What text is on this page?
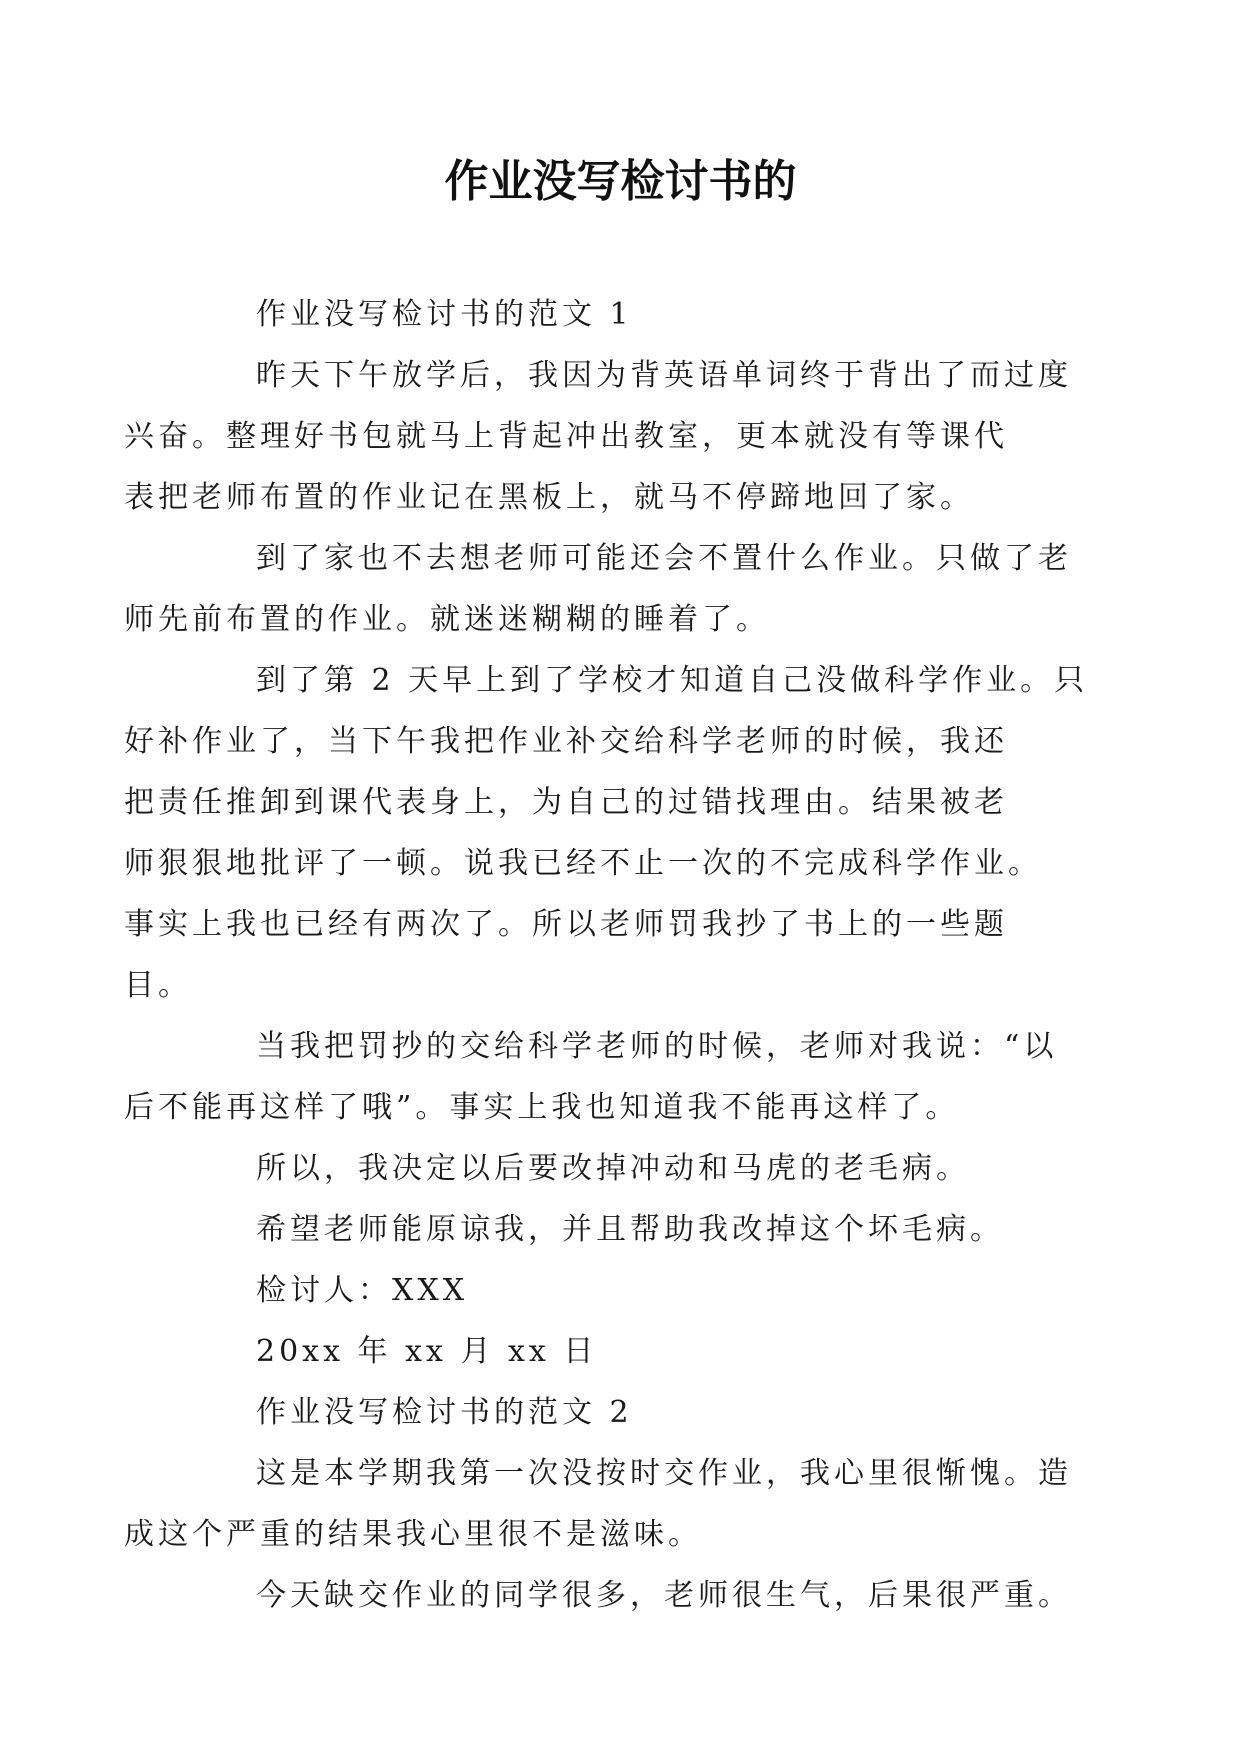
作业没写检讨书的

作业没写检讨书的范文 1

昨天下午放学后，我因为背英语单词终于背出了而过度
兴奋。整理好书包就马上背起冲出教室，更本就没有等课代
表把老师布置的作业记在黑板上，就马不停蹄地回了家。

到了家也不去想老师可能还会不置什么作业。只做了老
师先前布置的作业。就迷迷糊糊的睡着了。

到了第 2 天早上到了学校才知道自己没做科学作业。只
好补作业了，当下午我把作业补交给科学老师的时候，我还
把责任推卸到课代表身上，为自己的过错找理由。结果被老
师狠狠地批评了一顿。说我已经不止一次的不完成科学作业。
事实上我也已经有两次了。所以老师罚我抄了书上的一些题
目。

当我把罚抄的交给科学老师的时候，老师对我说：“以
后不能再这样了哦”。事实上我也知道我不能再这样了。

所以，我决定以后要改掉冲动和马虎的老毛病。

希望老师能原谅我，并且帮助我改掉这个坏毛病。

检讨人：XXX

20xx 年 xx 月 xx 日

作业没写检讨书的范文 2

这是本学期我第一次没按时交作业，我心里很惭愧。造
成这个严重的结果我心里很不是滋味。

今天缺交作业的同学很多，老师很生气，后果很严重。
